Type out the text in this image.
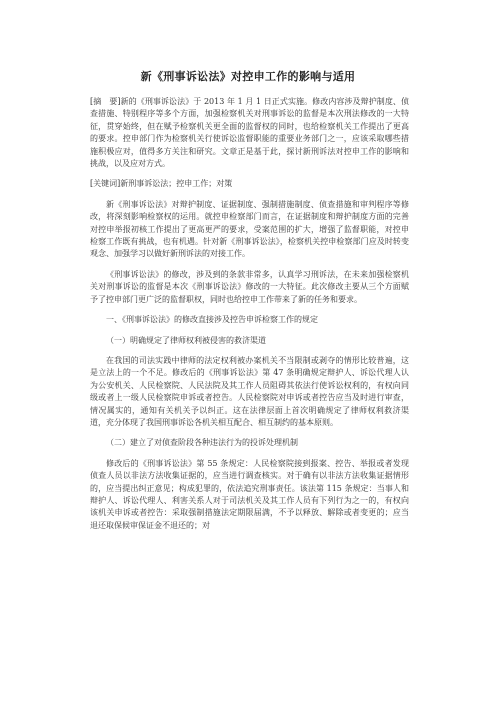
新《刑事诉讼法》对控申工作的影响与适用

[摘　要]新的《刑事诉讼法》于 2013 年 1 月 1 日正式实施。修改内容涉及辩护制度、侦查措施、特别程序等多个方面，加强检察机关对刑事诉讼的监督是本次刑法修改的一大特征，贯穿始终，但在赋予检察机关更全面的监督权的同时，也给检察机关工作提出了更高的要求。控申部门作为检察机关行使诉讼监督职能的重要业务部门之一，应该采取哪些措施积极应对，值得多方关注和研究。文章正是基于此，探讨新刑诉法对控申工作的影响和挑战，以及应对方式。

[关键词]新刑事诉讼法；控申工作；对策

新《刑事诉讼法》对辩护制度、证据制度、强制措施制度、侦查措施和审判程序等修改，将深刻影响检察权的运用。就控申检察部门而言，在证据制度和辩护制度方面的完善对控申举报初核工作提出了更高更严的要求，受案范围的扩大，增强了监督职能，对控申检察工作既有挑战，也有机遇。针对新《刑事诉讼法》，检察机关控申检察部门应及时转变观念、加强学习以做好新刑诉法的对接工作。

《刑事诉讼法》的修改，涉及到的条款非常多，认真学习刑诉法，在未来加强检察机关对刑事诉讼的监督是本次《刑事诉讼法》修改的一大特征。此次修改主要从三个方面赋予了控申部门更广泛的监督职权，同时也给控申工作带来了新的任务和要求。

一、《刑事诉讼法》的修改直接涉及控告申诉检察工作的规定

（一）明确规定了律师权利被侵害的救济渠道

在我国的司法实践中律师的法定权利被办案机关不当限制或剥夺的情形比较普遍，这是立法上的一个不足。修改后的《刑事诉讼法》第 47 条明确规定辩护人、诉讼代理人认为公安机关、人民检察院、人民法院及其工作人员阻碍其依法行使诉讼权利的，有权向同级或者上一级人民检察院申诉或者控告。人民检察院对申诉或者控告应当及时进行审查，情况属实的，通知有关机关予以纠正。这在法律层面上首次明确规定了律师权利救济渠道，充分体现了我国刑事诉讼各机关相互配合、相互制约的基本原则。

（二）建立了对侦查阶段各种违法行为的投诉处理机制

修改后的《刑事诉讼法》第 55 条规定：人民检察院接到报案、控告、举报或者发现侦查人员以非法方法收集证据的，应当进行调查核实。对于确有以非法方法收集证据情形的，应当提出纠正意见；构成犯罪的，依法追究刑事责任。该法第 115 条规定：当事人和辩护人、诉讼代理人、利害关系人对于司法机关及其工作人员有下列行为之一的，有权向该机关申诉或者控告：采取强制措施法定期限届满，不予以释放、解除或者变更的；应当退还取保候审保证金不退还的；对
